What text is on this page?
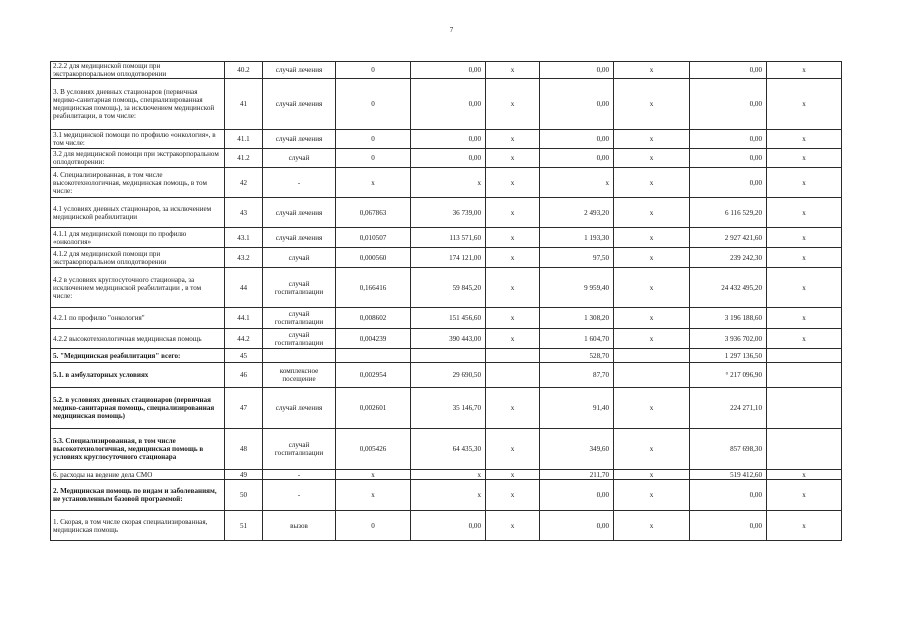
7
2.2.2 для медицинской помощи при экстракорпоральном оплодотворении	40.2	случай лечения	0	0,00	х	0,00	х	0,00	х
3. В условиях дневных стационаров (первичная медико-санитарная помощь, специализированная медицинская помощь), за исключением медицинской реабилитации, в том числе:	41	случай лечения	0	0,00	х	0,00	х	0,00	х
3.1 медицинской помощи по профилю «онкология», в том числе:	41.1	случай лечения	0	0,00	х	0,00	х	0,00	х
3.2 для медицинской помощи при экстракорпоральном оплодотворении:	41.2	случай	0	0,00	х	0,00	х	0,00	х
4. Специализированная, в том числе высокотехнологичная, медицинская помощь, в том числе:	42	-	х	х	х	х	х	0,00	х
4.1 условиях дневных стационаров, за исключением медицинской реабилитации	43	случай лечения	0,067863	36 739,00	х	2 493,20	х	6 116 529,20	х
4.1.1 для медицинской помощи по профилю «онкология»	43.1	случай лечения	0,010507	113 571,60	х	1 193,30	х	2 927 421,60	х
4.1.2 для медицинской помощи при экстракорпоральном оплодотворении	43.2	случай	0,000560	174 121,00	х	97,50	х	239 242,30	х
4.2 в условиях круглосуточного стационара, за исключением медицинской реабилитации , в том числе:	44	случай госпитализации	0,166416	59 845,20	х	9 959,40	х	24 432 495,20	х
4.2.1 по профилю "онкология"	44.1	случай госпитализации	0,008602	151 456,60	х	1 308,20	х	3 196 188,60	х
4.2.2 высокотехнологичная медицинская помощь	44.2	случай госпитализации	0,004239	390 443,00	х	1 604,70	х	3 936 702,00	х
5. "Медицинская реабилитация" всего:	45					528,70		1 297 136,50	
5.1. в амбулаторных условиях	46	комплексное посещение	0,002954	29 690,50		87,70		° 217 096,90	
5.2. в условиях дневных стационаров (первичная медико-санитарная помощь, специализированная медицинская помощь)	47	случай лечения	0,002601	35 146,70	х	91,40	х	224 271,10	
5.3. Специализированная, в том числе высокотехнологичная, медицинская помощь в условиях круглосуточного стационара	48	случай госпитализации	0,005426	64 435,30	х	349,60	х	857 698,30	
6. расходы на ведение дела СМО	49	-	х	х	х	211,70	х	519 412,60	х
2. Медицинская помощь по видам и заболеваниям, не установленным базовой программой:	50	-	х	х	х	0,00	х	0,00	х
1. Скорая, в том числе скорая специализированная, медицинская помощь	51	вызов	0	0,00	х	0,00	х	0,00	х
